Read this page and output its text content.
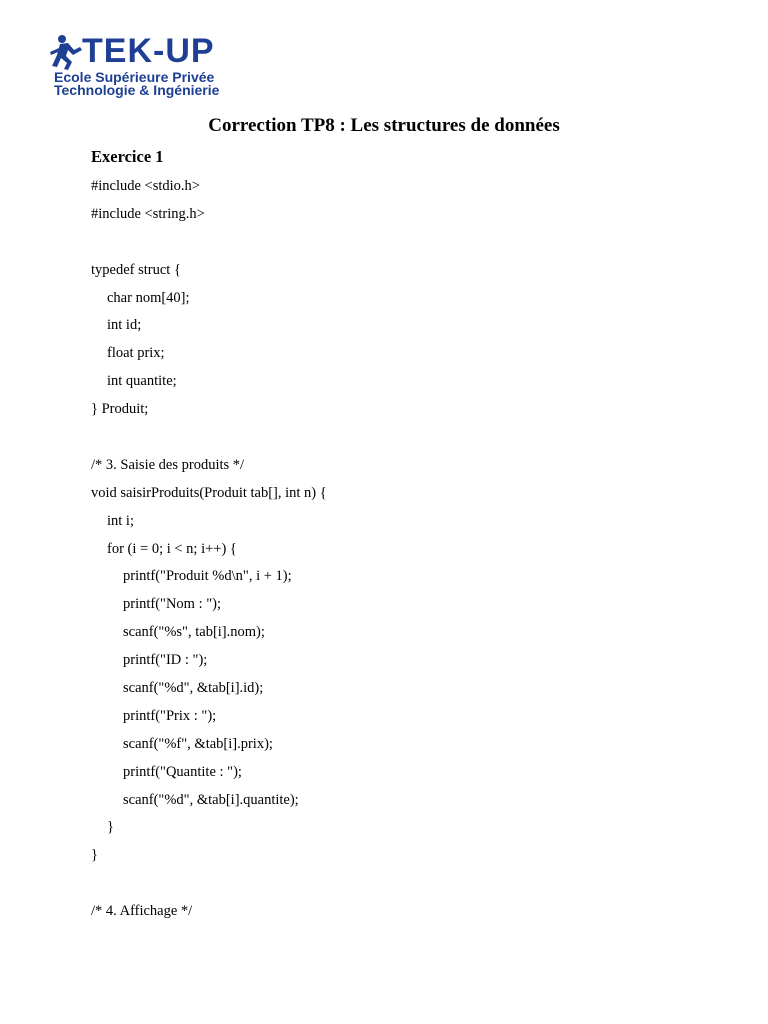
TEK-UP
Ecole Supérieure Privée
Technologie & Ingénierie
Correction TP8 : Les structures de données
Exercice 1
#include <stdio.h>
#include <string.h>
typedef struct {
char nom[40];
int id;
float prix;
int quantite;
} Produit;
/* 3. Saisie des produits */
void saisirProduits(Produit tab[], int n) {
int i;
for (i = 0; i < n; i++) {
printf("Produit %d\n", i + 1);
printf("Nom : ");
scanf("%s", tab[i].nom);
printf("ID : ");
scanf("%d", &tab[i].id);
printf("Prix : ");
scanf("%f", &tab[i].prix);
printf("Quantite : ");
scanf("%d", &tab[i].quantite);
}
}
/* 4. Affichage */
